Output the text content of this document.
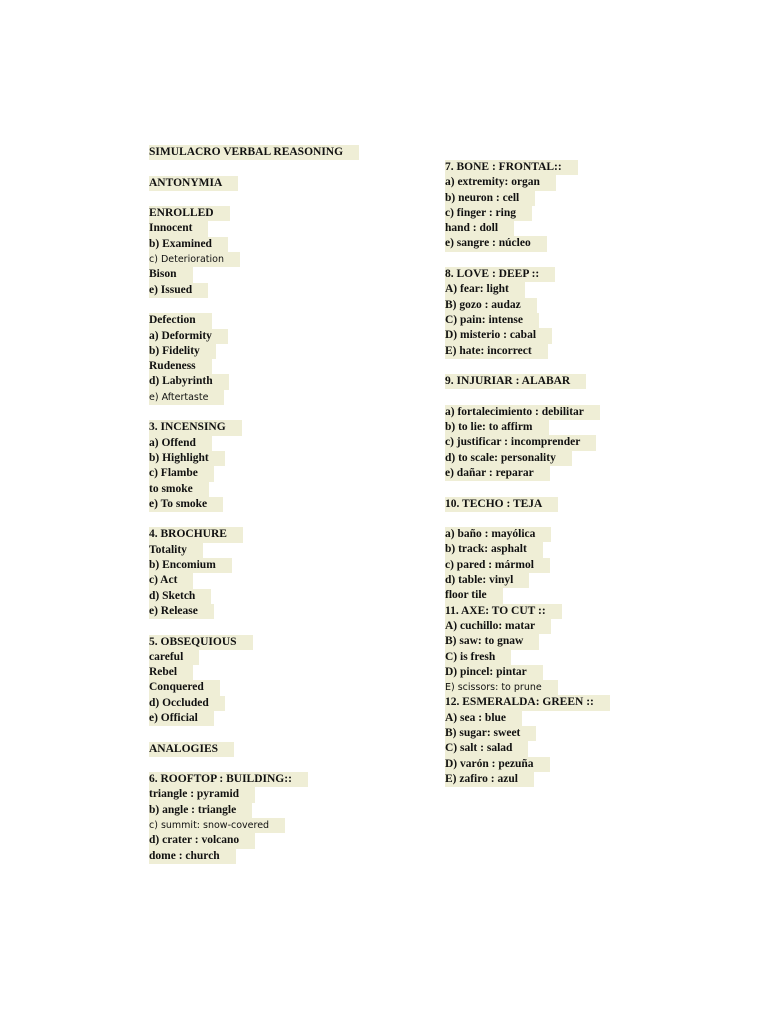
SIMULACRO VERBAL REASONING
ANTONYMIA
ENROLLED
Innocent
b) Examined
c) Deterioration
Bison
e) Issued
Defection
a) Deformity
b) Fidelity
Rudeness
d) Labyrinth
e) Aftertaste
3. INCENSING
a) Offend
b) Highlight
c) Flambe
to smoke
e) To smoke
4. BROCHURE
Totality
b) Encomium
c) Act
d) Sketch
e) Release
5. OBSEQUIOUS
careful
Rebel
Conquered
d) Occluded
e) Official
ANALOGIES
6. ROOFTOP : BUILDING::
triangle : pyramid
b) angle : triangle
c) summit: snow-covered
d) crater : volcano
dome : church
7. BONE : FRONTAL::
a) extremity: organ
b) neuron : cell
c) finger : ring
hand : doll
e) sangre : núcleo
8. LOVE : DEEP ::
A) fear: light
B) gozo : audaz
C) pain: intense
D) misterio : cabal
E) hate: incorrect
9. INJURIAR : ALABAR
a) fortalecimiento : debilitar
b) to lie: to affirm
c) justificar : incomprender
d) to scale: personality
e) dañar : reparar
10. TECHO : TEJA
a) baño : mayólica
b) track: asphalt
c) pared : mármol
d) table: vinyl
floor tile
11. AXE: TO CUT ::
A) cuchillo: matar
B) saw: to gnaw
C) is fresh
D) pincel: pintar
E) scissors: to prune
12. ESMERALDA: GREEN ::
A) sea : blue
B) sugar: sweet
C) salt : salad
D) varón : pezuña
E) zafiro : azul
